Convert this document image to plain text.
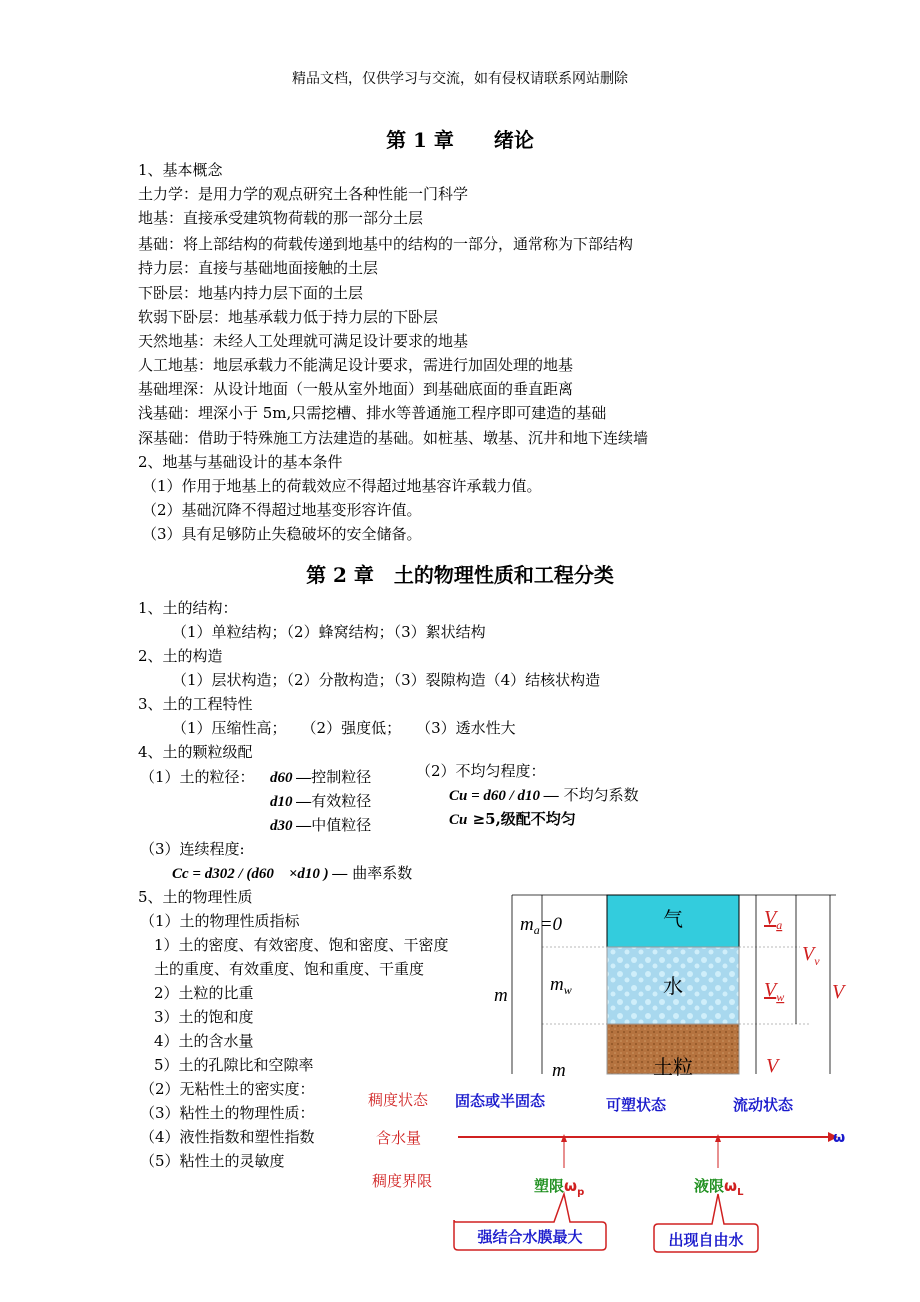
精品文档，仅供学习与交流，如有侵权请联系网站删除
第 1 章　　绪论
1、基本概念
土力学：是用力学的观点研究土各种性能一门科学
地基：直接承受建筑物荷载的那一部分土层
基础：将上部结构的荷载传递到地基中的结构的一部分，通常称为下部结构
持力层：直接与基础地面接触的土层
下卧层：地基内持力层下面的土层
软弱下卧层：地基承载力低于持力层的下卧层
天然地基：未经人工处理就可满足设计要求的地基
人工地基：地层承载力不能满足设计要求，需进行加固处理的地基
基础埋深：从设计地面（一般从室外地面）到基础底面的垂直距离
浅基础：埋深小于 5m,只需挖槽、排水等普通施工程序即可建造的基础
深基础：借助于特殊施工方法建造的基础。如桩基、墩基、沉井和地下连续墙
2、地基与基础设计的基本条件
（1）作用于地基上的荷载效应不得超过地基容许承载力值。
（2）基础沉降不得超过地基变形容许值。
（3）具有足够防止失稳破坏的安全储备。
第 2 章　土的物理性质和工程分类
1、土的结构：
（1）单粒结构；（2）蜂窝结构；（3）絮状结构
2、土的构造
（1）层状构造；（2）分散构造；（3）裂隙构造（4）结核状构造
3、土的工程特性
（1）压缩性高；　　（2）强度低；　　（3）透水性大
4、土的颗粒级配
（1）土的粒径： d60 —控制粒径
d10 —有效粒径
d30 —中值粒径
（2）不均匀程度：
Cu = d60 / d10 — 不均匀系数
Cu ≥5,级配不均匀
（3）连续程度:
Cc = d302 / (d60　×d10 ) — 曲率系数
5、土的物理性质
（1）土的物理性质指标
1）土的密度、有效密度、饱和密度、干密度
土的重度、有效重度、饱和重度、干重度
2）土粒的比重
3）土的饱和度
4）土的含水量
5）土的孔隙比和空隙率
（2）无粘性土的密实度：
（3）粘性土的物理性质：
（4）液性指数和塑性指数
（5）粘性土的灵敏度
气
水
土粒
$m_a=0$
$m_w$
m
m
$V_a$
$V_w$
$V_v$
V
V
稠度状态
含水量
稠度界限
固态或半固态	可塑状态	流动状态
ω
塑限$\omega_p$	液限$\omega_L$
强结合水膜最大	出现自由水
